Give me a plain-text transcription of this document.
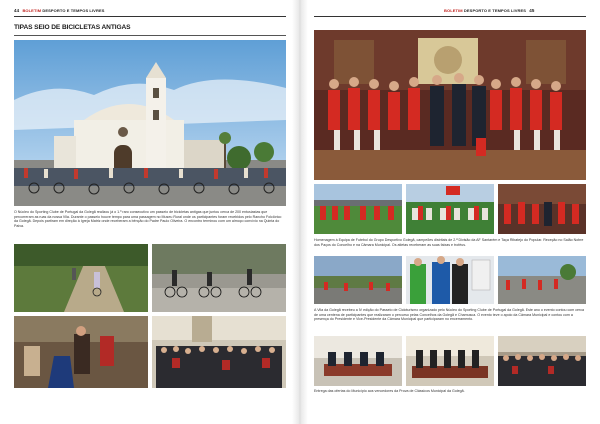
44 BOLETIM DESPORTO E TEMPOS LIVRES
TIPAS SEIO DE BICICLETAS ANTIGAS
O Núcleo do Sporting Clube de Portugal da Golegã realizou já o 1.º raro consecutivo um passeio de bicicletas antigas que juntou cerca de 200 entusiastas que percorreram as ruas da nossa Vila. Durante o passeio houve tempo para uma passagem no Museu Rural onde os participantes foram recebidos pelo Rancho Folclórico da Golegã. Depois partiram em direção à Igreja Matriz onde receberam a bênção do Padre Paulo Oliveira. O encontro terminou com um almoço convívio na Quinta do Paiva.
BOLETIM DESPORTO E TEMPOS LIVRES 45
Homenagem à Equipa de Futebol do Grupo Desportivo Golegã, campeões distritais de 2.ª Divisão da AF Santarém e Taça Ribatejo do Popular. Receção no Salão Nobre dos Paços do Concelho e na Câmara Municipal. Os atletas receberam as suas faixas e troféus.
A Vila da Golegã recebeu a IV edição do Passeio de Cicloturismo organizado pelo Núcleo do Sporting Clube de Portugal da Golegã. Este ano o evento contou com cerca de uma centena de participantes que realizaram o percurso pelas Concelhos da Golegã e Chamusca. O evento teve o apoio da Câmara Municipal e contou com a presença do Presidente e Vice-Presidente da Câmara Municipal que participaram no encerramento.
Entrega das ofertas do Município aos vencedores da Prova de Clássicos Municipal da Golegã.
